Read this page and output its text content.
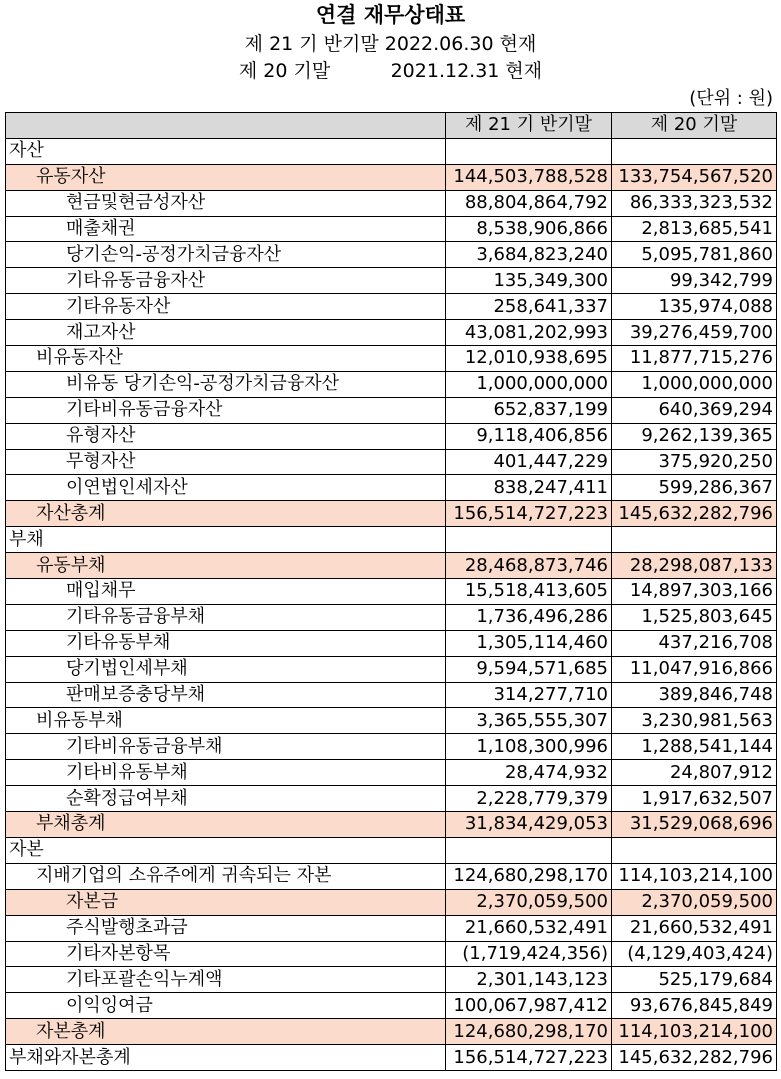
연결 재무상태표
제 21 기 반기말 2022.06.30 현재
제 20 기말          2021.12.31 현재
(단위 : 원)
	제 21 기 반기말	제 20 기말
자산		
유동자산	144,503,788,528	133,754,567,520
현금및현금성자산	88,804,864,792	86,333,323,532
매출채권	8,538,906,866	2,813,685,541
당기손익-공정가치금융자산	3,684,823,240	5,095,781,860
기타유동금융자산	135,349,300	99,342,799
기타유동자산	258,641,337	135,974,088
재고자산	43,081,202,993	39,276,459,700
비유동자산	12,010,938,695	11,877,715,276
비유동 당기손익-공정가치금융자산	1,000,000,000	1,000,000,000
기타비유동금융자산	652,837,199	640,369,294
유형자산	9,118,406,856	9,262,139,365
무형자산	401,447,229	375,920,250
이연법인세자산	838,247,411	599,286,367
자산총계	156,514,727,223	145,632,282,796
부채		
유동부채	28,468,873,746	28,298,087,133
매입채무	15,518,413,605	14,897,303,166
기타유동금융부채	1,736,496,286	1,525,803,645
기타유동부채	1,305,114,460	437,216,708
당기법인세부채	9,594,571,685	11,047,916,866
판매보증충당부채	314,277,710	389,846,748
비유동부채	3,365,555,307	3,230,981,563
기타비유동금융부채	1,108,300,996	1,288,541,144
기타비유동부채	28,474,932	24,807,912
순확정급여부채	2,228,779,379	1,917,632,507
부채총계	31,834,429,053	31,529,068,696
자본		
지배기업의 소유주에게 귀속되는 자본	124,680,298,170	114,103,214,100
자본금	2,370,059,500	2,370,059,500
주식발행초과금	21,660,532,491	21,660,532,491
기타자본항목	(1,719,424,356)	(4,129,403,424)
기타포괄손익누계액	2,301,143,123	525,179,684
이익잉여금	100,067,987,412	93,676,845,849
자본총계	124,680,298,170	114,103,214,100
부채와자본총계	156,514,727,223	145,632,282,796
